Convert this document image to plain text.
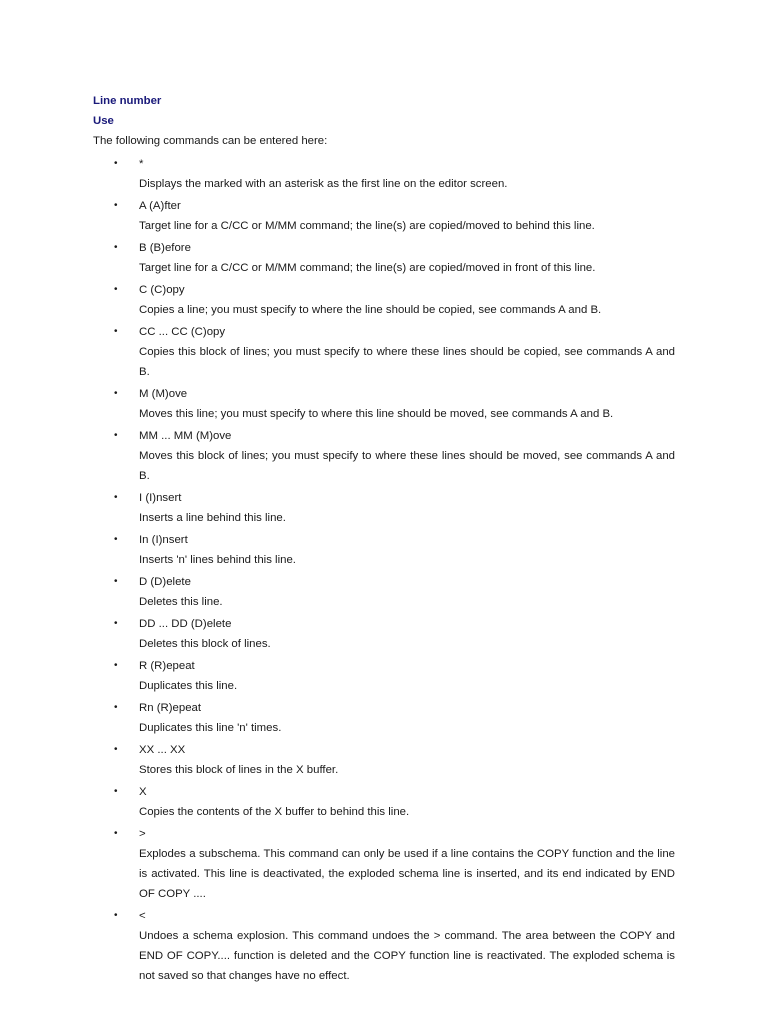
Line number
Use

The following commands can be entered here:

• *
Displays the marked with an asterisk as the first line on the editor screen.
• A (A)fter
Target line for a C/CC or M/MM command; the line(s) are copied/moved to behind this line.
• B (B)efore
Target line for a C/CC or M/MM command; the line(s) are copied/moved in front of this line.
• C (C)opy
Copies a line; you must specify to where the line should be copied, see commands A and B.
• CC ... CC (C)opy
Copies this block of lines; you must specify to where these lines should be copied, see commands A and B.
• M (M)ove
Moves this line; you must specify to where this line should be moved, see commands A and B.
• MM ... MM (M)ove
Moves this block of lines; you must specify to where these lines should be moved, see commands A and B.
• I (I)nsert
Inserts a line behind this line.
• In (I)nsert
Inserts 'n' lines behind this line.
• D (D)elete
Deletes this line.
• DD ... DD (D)elete
Deletes this block of lines.
• R (R)epeat
Duplicates this line.
• Rn (R)epeat
Duplicates this line 'n' times.
• XX ... XX
Stores this block of lines in the X buffer.
• X
Copies the contents of the X buffer to behind this line.
• >
Explodes a subschema. This command can only be used if a line contains the COPY function and the line is activated. This line is deactivated, the exploded schema line is inserted, and its end indicated by END OF COPY ....
• <
Undoes a schema explosion. This command undoes the > command. The area between the COPY and END OF COPY.... function is deleted and the COPY function line is reactivated. The exploded schema is not saved so that changes have no effect.
